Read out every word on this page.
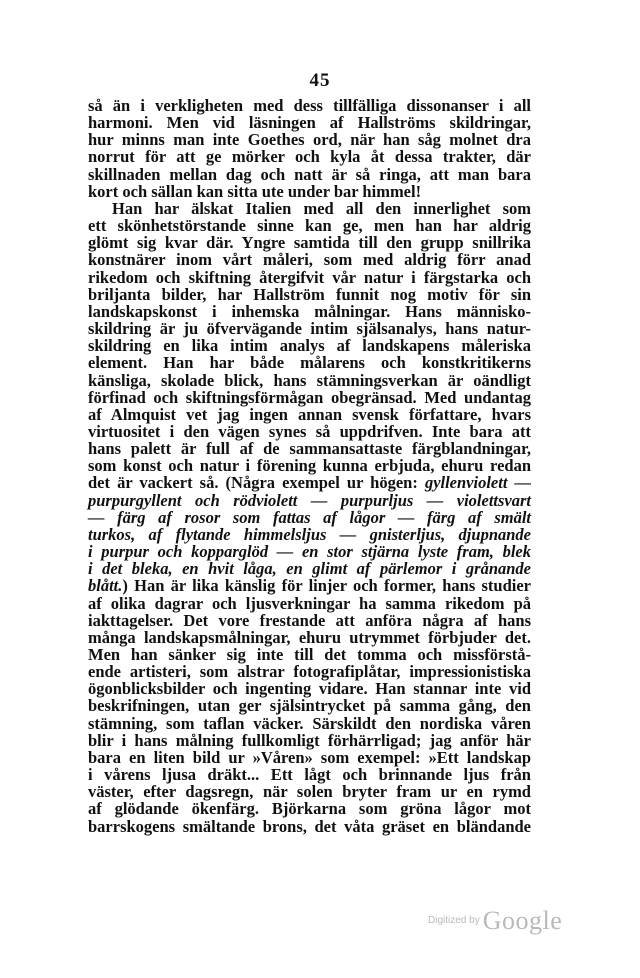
45
så än i verkligheten med dess tillfälliga dissonanser i all
harmoni. Men vid läsningen af Hallströms skildringar,
hur minns man inte Goethes ord, när han såg molnet dra
norrut för att ge mörker och kyla åt dessa trakter, där
skillnaden mellan dag och natt är så ringa, att man bara
kort och sällan kan sitta ute under bar himmel!
Han har älskat Italien med all den innerlighet som
ett skönhetstörstande sinne kan ge, men han har aldrig
glömt sig kvar där. Yngre samtida till den grupp snillrika
konstnärer inom vårt måleri, som med aldrig förr anad
rikedom och skiftning återgifvit vår natur i färgstarka och
briljanta bilder, har Hallström funnit nog motiv för sin
landskapskonst i inhemska målningar. Hans människo-
skildring är ju öfvervägande intim själsanalys, hans natur-
skildring en lika intim analys af landskapens måleriska
element. Han har både målarens och konstkritikerns
känsliga, skolade blick, hans stämningsverkan är oändligt
förfinad och skiftningsförmågan obegränsad. Med undantag
af Almquist vet jag ingen annan svensk författare, hvars
virtuositet i den vägen synes så uppdrifven. Inte bara att
hans palett är full af de sammansattaste färgblandningar,
som konst och natur i förening kunna erbjuda, ehuru redan
det är vackert så. (Några exempel ur högen: gyllenviolett —
purpurgyllent och rödviolett — purpurljus — violettsvart
— färg af rosor som fattas af lågor — färg af smält
turkos, af flytande himmelsljus — gnisterljus, djupnande
i purpur och kopparglöd — en stor stjärna lyste fram, blek
i det bleka, en hvit låga, en glimt af pärlemor i grånande
blått.) Han är lika känslig för linjer och former, hans studier
af olika dagrar och ljusverkningar ha samma rikedom på
iakttagelser. Det vore frestande att anföra några af hans
många landskapsmålningar, ehuru utrymmet förbjuder det.
Men han sänker sig inte till det tomma och missförstå-
ende artisteri, som alstrar fotografiplåtar, impressionistiska
ögonblicksbilder och ingenting vidare. Han stannar inte vid
beskrifningen, utan ger själsintrycket på samma gång, den
stämning, som taflan väcker. Särskildt den nordiska våren
blir i hans målning fullkomligt förhärrligad; jag anför här
bara en liten bild ur »Våren» som exempel: »Ett landskap
i vårens ljusa dräkt... Ett lågt och brinnande ljus från
väster, efter dagsregn, när solen bryter fram ur en rymd
af glödande ökenfärg. Björkarna som gröna lågor mot
barrskogens smältande brons, det våta gräset en bländande
$^{Digitized by}$ Google
